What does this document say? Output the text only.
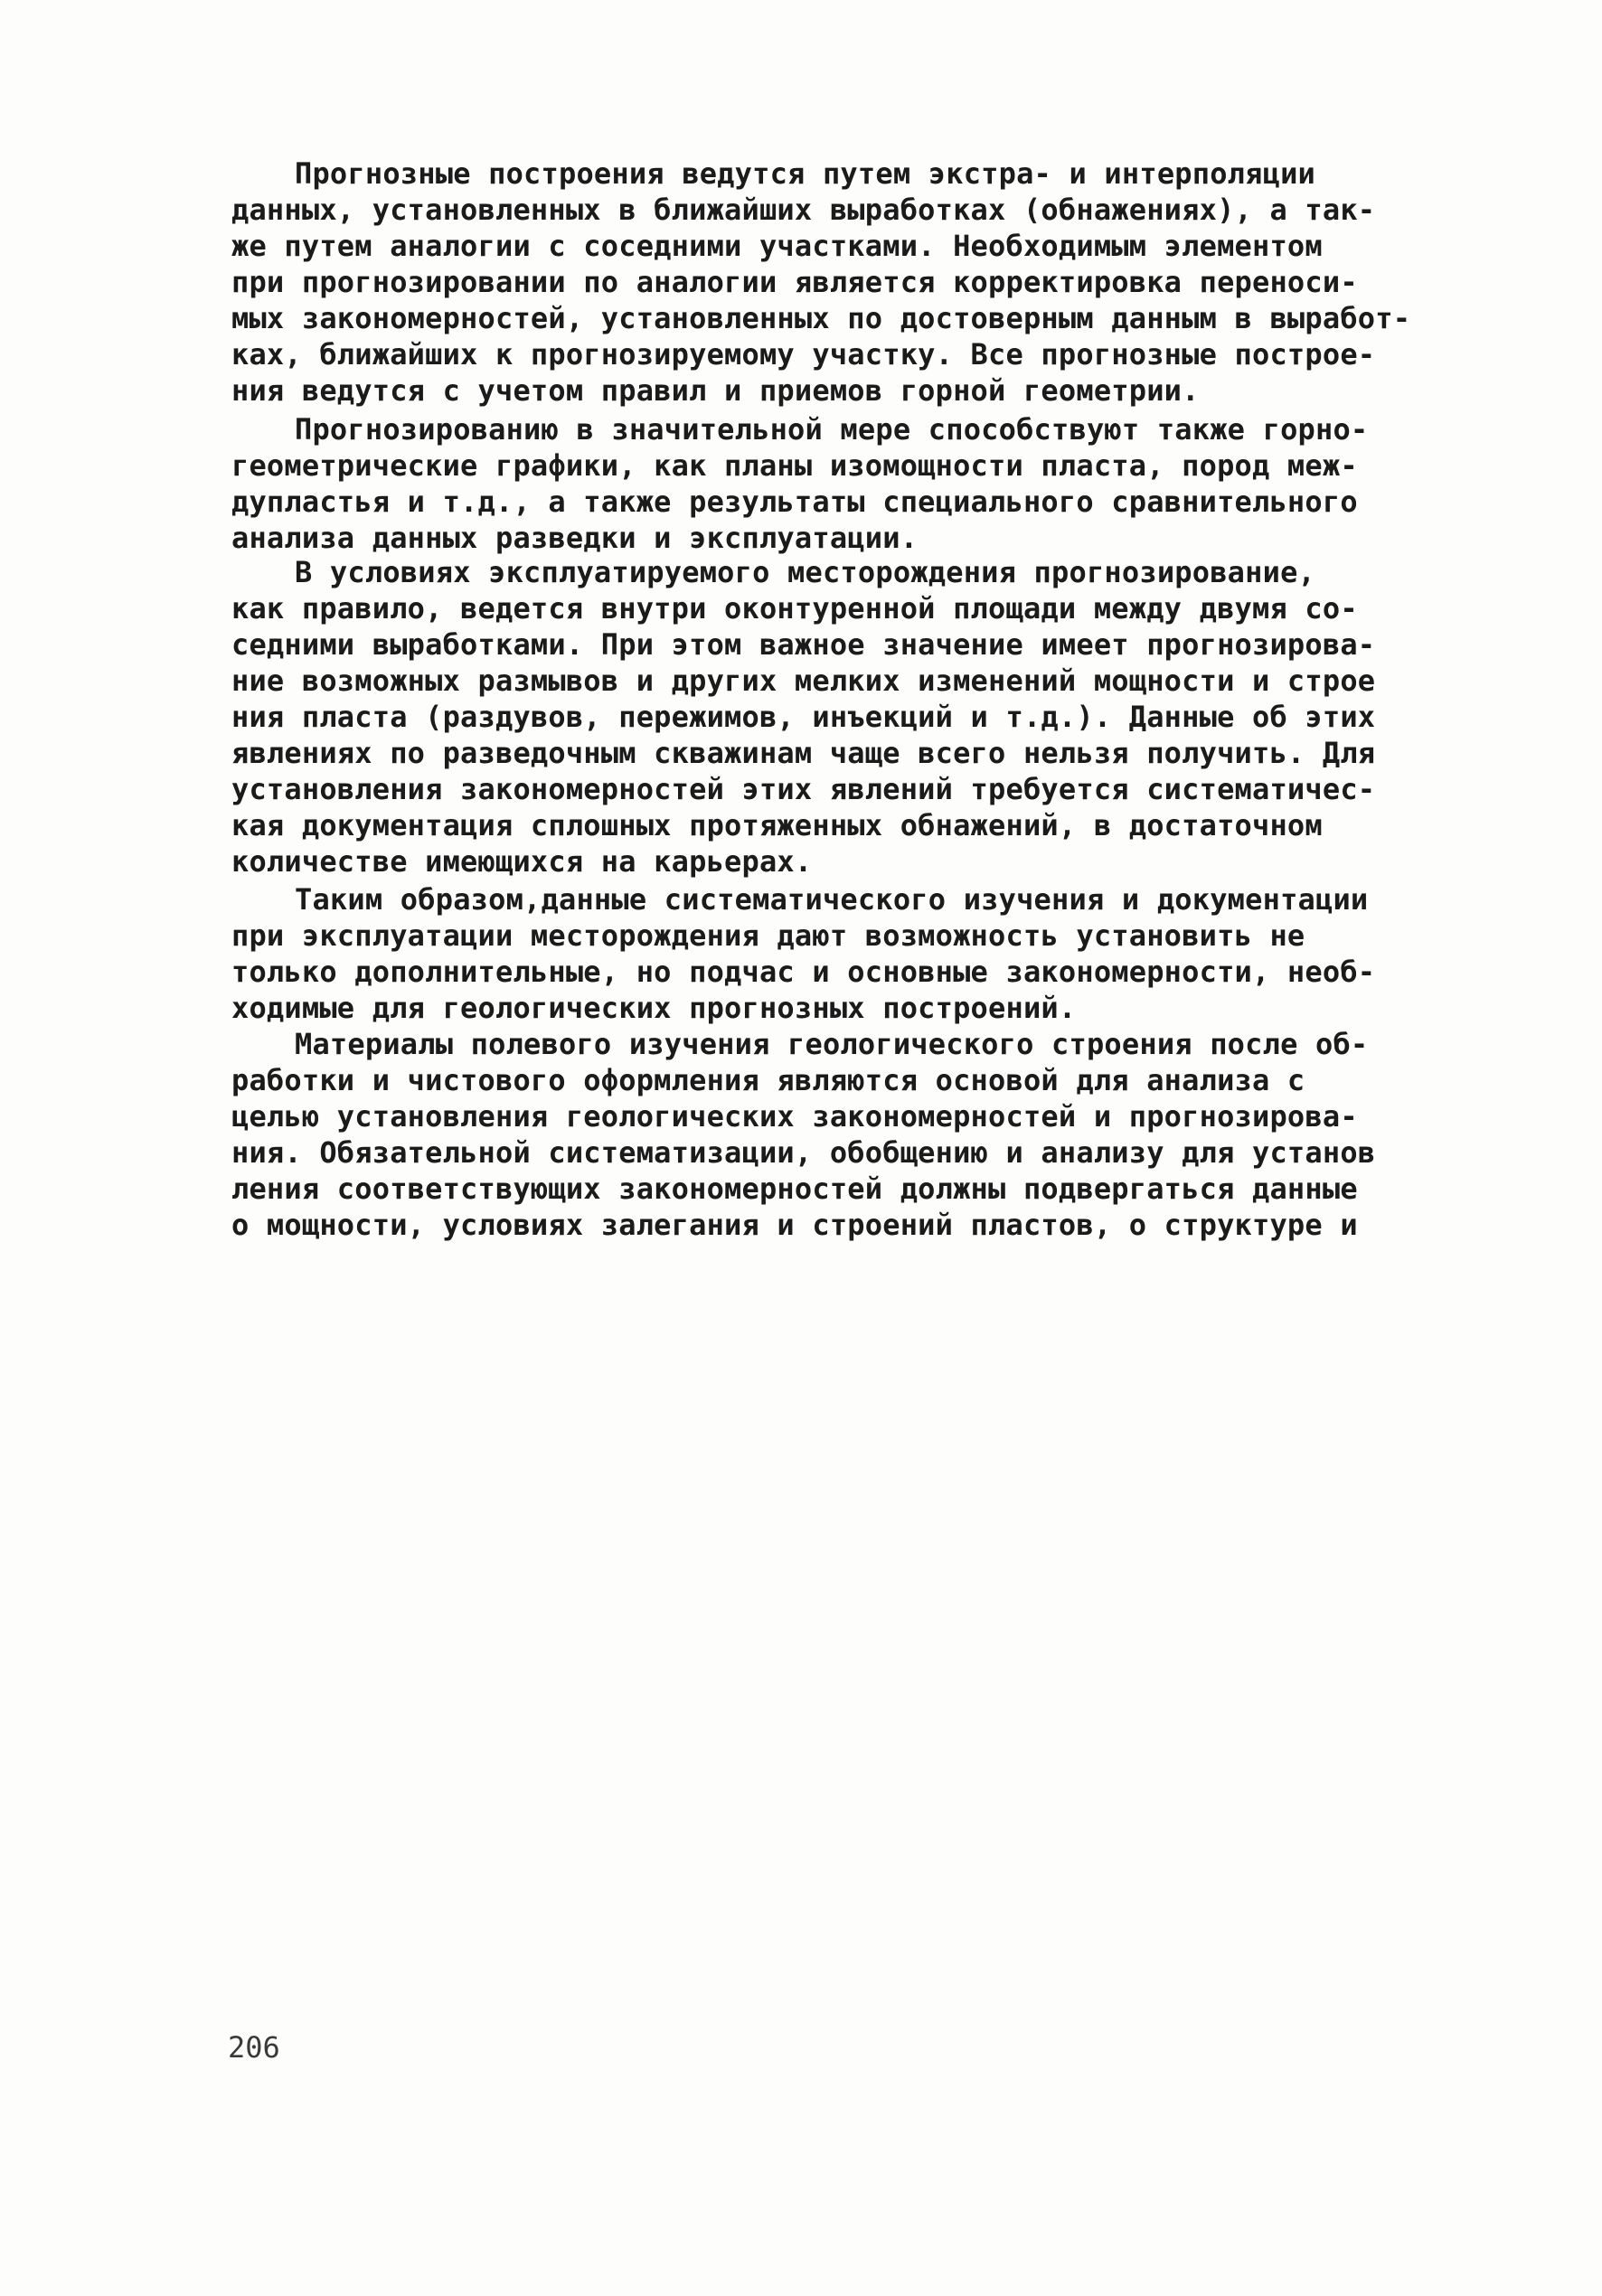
Прогнозные построения ведутся путем экстра- и интерполяции
данных, установленных в ближайших выработках (обнажениях), а так-
же путем аналогии с соседними участками. Необходимым элементом
при прогнозировании по аналогии является корректировка переноси-
мых закономерностей, установленных по достоверным данным в выработ-
ках, ближайших к прогнозируемому участку. Все прогнозные построе-
ния ведутся с учетом правил и приемов горной геометрии.
Прогнозированию в значительной мере способствуют также горно-
геометрические графики, как планы изомощности пласта, пород меж-
дупластья и т.д., а также результаты специального сравнительного
анализа данных разведки и эксплуатации.
В условиях эксплуатируемого месторождения прогнозирование,
как правило, ведется внутри оконтуренной площади между двумя со-
седними выработками. При этом важное значение имеет прогнозирова-
ние возможных размывов и других мелких изменений мощности и строе
ния пласта (раздувов, пережимов, инъекций и т.д.). Данные об этих
явлениях по разведочным скважинам чаще всего нельзя получить. Для
установления закономерностей этих явлений требуется систематичес-
кая документация сплошных протяженных обнажений, в достаточном
количестве имеющихся на карьерах.
Таким образом,данные систематического изучения и документации
при эксплуатации месторождения дают возможность установить не
только дополнительные, но подчас и основные закономерности, необ-
ходимые для геологических прогнозных построений.
Материалы полевого изучения геологического строения после об-
работки и чистового оформления являются основой для анализа с
целью установления геологических закономерностей и прогнозирова-
ния. Обязательной систематизации, обобщению и анализу для установ
ления соответствующих закономерностей должны подвергаться данные
о мощности, условиях залегания и строений пластов, о структуре и
206
